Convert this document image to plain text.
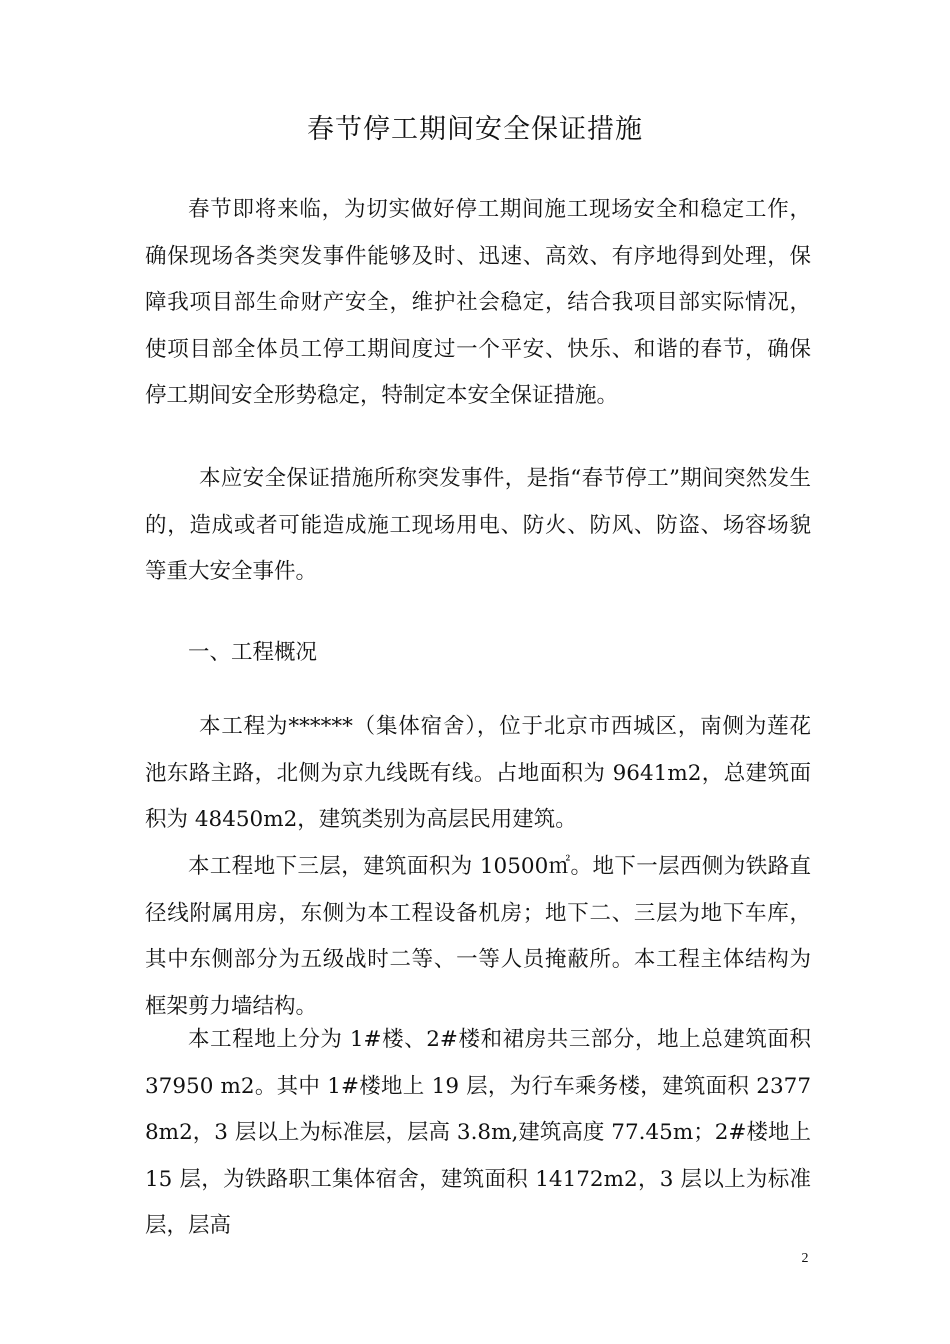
春节停工期间安全保证措施
春节即将来临，为切实做好停工期间施工现场安全和稳定工作，确保现场各类突发事件能够及时、迅速、高效、有序地得到处理，保障我项目部生命财产安全，维护社会稳定，结合我项目部实际情况，使项目部全体员工停工期间度过一个平安、快乐、和谐的春节，确保停工期间安全形势稳定，特制定本安全保证措施。
本应安全保证措施所称突发事件，是指“春节停工”期间突然发生的，造成或者可能造成施工现场用电、防火、防风、防盗、场容场貌等重大安全事件。
一、工程概况
本工程为******（集体宿舍），位于北京市西城区，南侧为莲花池东路主路，北侧为京九线既有线。占地面积为 9641m2，总建筑面积为 48450m2，建筑类别为高层民用建筑。
本工程地下三层，建筑面积为 10500㎡。地下一层西侧为铁路直径线附属用房，东侧为本工程设备机房；地下二、三层为地下车库，其中东侧部分为五级战时二等、一等人员掩蔽所。本工程主体结构为框架剪力墙结构。
本工程地上分为 1#楼、2#楼和裙房共三部分，地上总建筑面积 37950 m2。其中 1#楼地上 19 层，为行车乘务楼，建筑面积 23778m2，3 层以上为标准层，层高 3.8m,建筑高度 77.45m；2#楼地上 15 层，为铁路职工集体宿舍，建筑面积 14172m2，3 层以上为标准层，层高
2
